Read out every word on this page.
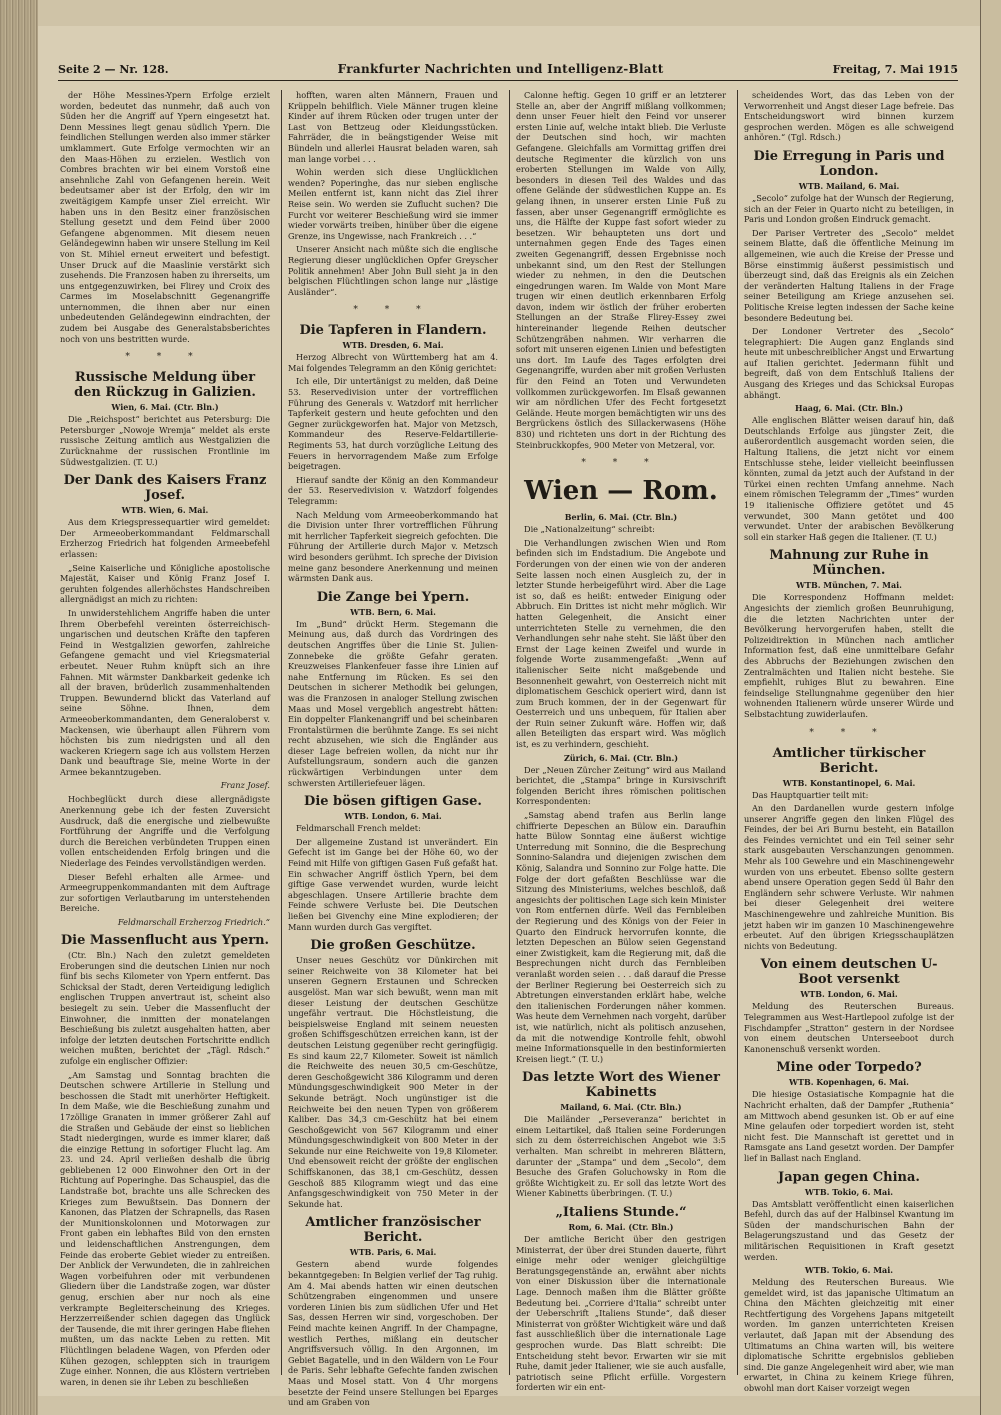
Seite 2 — Nr. 128.	Frankfurter Nachrichten und Intelligenz-Blatt	Freitag, 7. Mai 1915

der Höhe Messines-Ypern Erfolge erzielt worden, bedeutet das nunmehr, daß auch von Süden her die Angriff auf Ypern eingesetzt hat. Denn Messines liegt genau südlich Ypern. Die feindlichen Stellungen werden also immer stärker umklammert. Gute Erfolge vermochten wir an den Maas-Höhen zu erzielen. Westlich von Combres brachten wir bei einem Vorstoß eine ansehnliche Zahl von Gefangenen herein. Weit bedeutsamer aber ist der Erfolg, den wir im zweitägigem Kampfe unser Ziel erreicht. Wir haben uns in den Besitz einer französischen Stellung gesetzt und dem Feind über 2000 Gefangene abgenommen. Mit diesem neuen Geländegewinn haben wir unsere Stellung im Keil von St. Mihiel erneut erweitert und befestigt. Unser Druck auf die Maaslinie verstärkt sich zusehends. Die Franzosen haben zu ihrerseits, um uns entgegenzuwirken, bei Flirey und Croix des Carmes im Moselabschnitt Gegenangriffe unternommen, die ihnen aber nur einen unbedeutenden Geländegewinn eindrachten, der zudem bei Ausgabe des Generalstabsberichtes noch von uns bestritten wurde.

* * *
Russische Meldung über den Rückzug in Galizien.
Wien, 6. Mai. (Ctr. Bln.)

Die „Reichspost“ berichtet aus Petersburg: Die Petersburger „Nowoje Wremja“ meldet als erste russische Zeitung amtlich aus Westgalizien die Zurücknahme der russischen Frontlinie im Südwestgalizien. (T. U.)

Der Dank des Kaisers Franz Josef.
WTB. Wien, 6. Mai.

Aus dem Kriegspressequartier wird gemeldet: Der Armeeoberkommandant Feldmarschall Erzherzog Friedrich hat folgenden Armeebefehl erlassen:

„Seine Kaiserliche und Königliche apostolische Majestät, Kaiser und König Franz Josef I. geruhten folgendes allerhöchstes Handschreiben allergnädigst an mich zu richten:

In unwiderstehlichem Angriffe haben die unter Ihrem Oberbefehl vereinten österreichisch-ungarischen und deutschen Kräfte den tapferen Feind in Westgalizien geworfen, zahlreiche Gefangene gemacht und viel Kriegsmaterial erbeutet. Neuer Ruhm knüpft sich an ihre Fahnen. Mit wärmster Dankbarkeit gedenke ich all der braven, brüderlich zusammenhaltenden Truppen. Bewundernd blickt das Vaterland auf seine Söhne. Ihnen, dem Armeeoberkommandanten, dem Generaloberst v. Mackensen, wie überhaupt allen Führern vom höchsten bis zum niedrigsten und all den wackeren Kriegern sage ich aus vollstem Herzen Dank und beauftrage Sie, meine Worte in der Armee bekanntzugeben.

Franz Josef.

Hochbeglückt durch diese allergnädigste Anerkennung gebe ich der festen Zuversicht Ausdruck, daß die energische und zielbewußte Fortführung der Angriffe und die Verfolgung durch die Bereichen verbündeten Truppen einen vollen entscheidenden Erfolg bringen und die Niederlage des Feindes vervollständigen werden.

Dieser Befehl erhalten alle Armee- und Armeegruppenkommandanten mit dem Auftrage zur sofortigen Verlautbarung im unterstehenden Bereiche.

Feldmarschall Erzherzog Friedrich.“
Die Massenflucht aus Ypern.

(Ctr. Bln.) Nach den zuletzt gemeldeten Eroberungen sind die deutschen Linien nur noch fünf bis sechs Kilometer von Ypern entfernt. Das Schicksal der Stadt, deren Verteidigung lediglich englischen Truppen anvertraut ist, scheint also besiegelt zu sein. Ueber die Massenflucht der Einwohner, die inmitten der monatelangen Beschießung bis zuletzt ausgehalten hatten, aber infolge der letzten deutschen Fortschritte endlich weichen mußten, berichtet der „Tägl. Rdsch.“ zufolge ein englischer Offizier:

„Am Samstag und Sonntag brachten die Deutschen schwere Artillerie in Stellung und beschossen die Stadt mit unerhörter Heftigkeit. In dem Maße, wie die Beschießung zunahm und 17zöllige Granaten in immer größerer Zahl auf die Straßen und Gebäude der einst so lieblichen Stadt niedergingen, wurde es immer klarer, daß die einzige Rettung in sofortiger Flucht lag. Am 23. und 24. April verließen deshalb die übrig gebliebenen 12 000 Einwohner den Ort in der Richtung auf Poperinghe. Das Schauspiel, das die Landstraße bot, brachte uns alle Schrecken des Krieges zum Bewußtsein. Das Donnern der Kanonen, das Platzen der Schrapnells, das Rasen der Munitionskolonnen und Motorwagen zur Front gaben ein lebhaftes Bild von den ernsten und leidenschaftlichen Anstrengungen, dem Feinde das eroberte Gebiet wieder zu entreißen. Der Anblick der Verwundeten, die in zahlreichen Wagen vorbeifuhren oder mit verbundenen Gliedern über die Landstraße zogen, war düster genug, erschien aber nur noch als eine verkrampte Begleiterscheinung des Krieges. Herzzerreißender schien dagegen das Unglück der Tausende, die mit ihrer geringen Habe fliehen mußten, um das nackte Leben zu retten. Mit Flüchtlingen beladene Wagen, von Pferden oder Kühen gezogen, schleppten sich in traurigem Zuge einher. Nonnen, die aus Klöstern vertrieben waren, in denen sie ihr Leben zu beschließen

hofften, waren alten Männern, Frauen und Krüppeln behilflich. Viele Männer trugen kleine Kinder auf ihrem Rücken oder trugen unter der Last von Bettzeug oder Kleidungsstücken. Fahrräder, die in beängstigender Weise mit Bündeln und allerlei Hausrat beladen waren, sah man lange vorbei . . .

Wohin werden sich diese Unglücklichen wenden? Poperinghe, das nur sieben englische Meilen entfernt ist, kann nicht das Ziel ihrer Reise sein. Wo werden sie Zuflucht suchen? Die Furcht vor weiterer Beschießung wird sie immer wieder vorwärts treiben, hinüber über die eigene Grenze, ins Ungewisse, nach Frankreich . . .“

Unserer Ansicht nach müßte sich die englische Regierung dieser unglücklichen Opfer Greyscher Politik annehmen! Aber John Bull sieht ja in den belgischen Flüchtlingen schon lange nur „lästige Ausländer“.

* * *
Die Tapferen in Flandern.
WTB. Dresden, 6. Mai.

Herzog Albrecht von Württemberg hat am 4. Mai folgendes Telegramm an den König gerichtet:

Ich eile, Dir untertänigst zu melden, daß Deine 53. Reservedivision unter der vortrefflichen Führung des Generals v. Watzdorf mit herrlicher Tapferkeit gestern und heute gefochten und den Gegner zurückgeworfen hat. Major von Metzsch, Kommandeur des Reserve-Feldartillerie-Regiments 53, hat durch vorzügliche Leitung des Feuers in hervorragendem Maße zum Erfolge beigetragen.

Hierauf sandte der König an den Kommandeur der 53. Reservedivision v. Watzdorf folgendes Telegramm:

Nach Meldung vom Armeeoberkommando hat die Division unter Ihrer vortrefflichen Führung mit herrlicher Tapferkeit siegreich gefochten. Die Führung der Artillerie durch Major v. Metzsch wird besonders gerühmt. Ich spreche der Division meine ganz besondere Anerkennung und meinen wärmsten Dank aus.

Die Zange bei Ypern.
WTB. Bern, 6. Mai.

Im „Bund“ drückt Herm. Stegemann die Meinung aus, daß durch das Vordringen des deutschen Angriffes über die Linie St. Julien-Zonnebeke die größte Gefahr geraten. Kreuzweises Flankenfeuer fasse ihre Linien auf nahe Entfernung im Rücken. Es sei den Deutschen in sicherer Methodik bei gelungen, was die Franzosen in analoger Stellung zwischen Maas und Mosel vergeblich angestrebt hätten: Ein doppelter Flankenangriff und bei scheinbaren Frontalstürmen die berühmte Zange. Es sei nicht recht abzusehen, wie sich die Engländer aus dieser Lage befreien wollen, da nicht nur ihr Aufstellungsraum, sondern auch die ganzen rückwärtigen Verbindungen unter dem schwersten Artilleriefeuer lägen.

Die bösen giftigen Gase.
WTB. London, 6. Mai.

Feldmarschall French meldet:

Der allgemeine Zustand ist unverändert. Ein Gefecht ist im Gange bei der Höhe 60, wo der Feind mit Hilfe von giftigen Gasen Fuß gefaßt hat. Ein schwacher Angriff östlich Ypern, bei dem giftige Gase verwendet wurden, wurde leicht abgeschlagen. Unsere Artillerie brachte dem Feinde schwere Verluste bei. Die Deutschen ließen bei Givenchy eine Mine explodieren; der Mann wurden durch Gas vergiftet.

Die großen Geschütze.

Unser neues Geschütz vor Dünkirchen mit seiner Reichweite von 38 Kilometer hat bei unseren Gegnern Erstaunen und Schrecken ausgelöst. Man war sich bewußt, wenn man mit dieser Leistung der deutschen Geschütze ungefähr vertraut. Die Höchstleistung, die beispielsweise England mit seinem neuesten großen Schiffsgeschützen erreichen kann, ist der deutschen Leistung gegenüber recht geringfügig. Es sind kaum 22,7 Kilometer. Soweit ist nämlich die Reichweite des neuen 30,5 cm-Geschütze, deren Geschoßgewicht 386 Kilogramm und deren Mündungsgeschwindigkeit 900 Meter in der Sekunde beträgt. Noch ungünstiger ist die Reichweite bei den neuen Typen von größerem Kaliber. Das 34,3 cm-Geschütz hat bei einem Geschoßgewicht von 567 Kilogramm und einer Mündungsgeschwindigkeit von 800 Meter in der Sekunde nur eine Reichweite von 19,8 Kilometer. Und ebensoweit reicht der größte der englischen Schiffskanonen, das 38,1 cm-Geschütz, dessen Geschoß 885 Kilogramm wiegt und das eine Anfangsgeschwindigkeit von 750 Meter in der Sekunde hat.

Amtlicher französischer Bericht.
WTB. Paris, 6. Mai.

Gestern abend wurde folgendes bekanntgegeben: In Belgien verlief der Tag ruhig. Am 4. Mai abends hatten wir einen deutschen Schützengraben eingenommen und unsere vorderen Linien bis zum südlichen Ufer und Het Sas, dessen Herren wir sind, vorgeschoben. Der Feind machte keinen Angriff. In der Champagne, westlich Perthes, mißlang ein deutscher Angriffsversuch völlig. In den Argonnen, im Gebiet Bagatelle, und in den Wäldern von Le Four de Paris. Sehr lebhafte Gefechte fanden zwischen Maas und Mosel statt. Von 4 Uhr morgens besetzte der Feind unsere Stellungen bei Eparges und am Graben von

Calonne heftig. Gegen 10 griff er an letzterer Stelle an, aber der Angriff mißlang vollkommen; denn unser Feuer hielt den Feind vor unserer ersten Linie auf, welche intakt blieb. Die Verluste der Deutschen sind hoch, wir machten Gefangene. Gleichfalls am Vormittag griffen drei deutsche Regimenter die kürzlich von uns eroberten Stellungen im Walde von Ailly, besonders in diesen Teil des Waldes und das offene Gelände der südwestlichen Kuppe an. Es gelang ihnen, in unserer ersten Linie Fuß zu fassen, aber unser Gegenangriff ermöglichte es uns, die Hälfte der Kuppe fast sofort wieder zu besetzen. Wir behaupteten uns dort und unternahmen gegen Ende des Tages einen zweiten Gegenangriff, dessen Ergebnisse noch unbekannt sind, um den Rest der Stellungen wieder zu nehmen, in den die Deutschen eingedrungen waren. Im Walde von Mont Mare trugen wir einen deutlich erkennbaren Erfolg davon, indem wir östlich der früher eroberten Stellungen an der Straße Flirey-Essey zwei hintereinander liegende Reihen deutscher Schützengräben nahmen. Wir verharren die sofort mit unseren eigenen Linien und befestigten uns dort. Im Laufe des Tages erfolgten drei Gegenangriffe, wurden aber mit großen Verlusten für den Feind an Toten und Verwundeten vollkommen zurückgeworfen. Im Elsaß gewannen wir am nördlichen Ufer des Fecht fortgesetzt Gelände. Heute morgen bemächtigten wir uns des Bergrückens östlich des Sillackerwasens (Höhe 830) und richteten uns dort in der Richtung des Steinbruckkopfes, 900 Meter von Metzeral, vor.

* * *
Wien — Rom.
Berlin, 6. Mai. (Ctr. Bln.)

Die „Nationalzeitung“ schreibt:

Die Verhandlungen zwischen Wien und Rom befinden sich im Endstadium. Die Angebote und Forderungen von der einen wie von der anderen Seite lassen noch einen Ausgleich zu, der in letzter Stunde herbeigeführt wird. Aber die Lage ist so, daß es heißt: entweder Einigung oder Abbruch. Ein Drittes ist nicht mehr möglich. Wir hatten Gelegenheit, die Ansicht einer unterrichteten Stelle zu vernehmen, die den Verhandlungen sehr nahe steht. Sie läßt über den Ernst der Lage keinen Zweifel und wurde in folgende Worte zusammengefaßt: „Wenn auf italienischer Seite nicht maßgebende und Besonnenheit gewahrt, von Oesterreich nicht mit diplomatischem Geschick operiert wird, dann ist zum Bruch kommen, der in der Gegenwart für Oesterreich und uns unbequem, für Italien aber der Ruin seiner Zukunft wäre. Hoffen wir, daß allen Beteiligten das erspart wird. Was möglich ist, es zu verhindern, geschieht.

Zürich, 6. Mai. (Ctr. Bln.)

Der „Neuen Zürcher Zeitung“ wird aus Mailand berichtet, die „Stampa“ bringe in Kursivschrift folgenden Bericht ihres römischen politischen Korrespondenten:

„Samstag abend trafen aus Berlin lange chiffrierte Depeschen an Bülow ein. Daraufhin hatte Bülow Sonntag eine äußerst wichtige Unterredung mit Sonnino, die die Besprechung Sonnino-Salandra und diejenigen zwischen dem König, Salandra und Sonnino zur Folge hatte. Die Folge der dort gefaßten Beschlüsse war die Sitzung des Ministeriums, welches beschloß, daß angesichts der politischen Lage sich kein Minister von Rom entfernen dürfe. Weil das Fernbleiben der Regierung und des Königs von der Feier in Quarto den Eindruck hervorrufen konnte, die letzten Depeschen an Bülow seien Gegenstand einer Zwistigkeit, kam die Regierung mit, daß die Besprechungen nicht durch das Fernbleiben veranlaßt worden seien . . . daß darauf die Presse der Berliner Regierung bei Oesterreich sich zu Abtretungen einverstanden erklärt habe, welche den italienischen Forderungen näher kommen. Was heute dem Vernehmen nach vorgeht, darüber ist, wie natürlich, nicht als politisch anzusehen, da mit die notwendige Kontrolle fehlt, obwohl meine Informationsquelle in den bestinformierten Kreisen liegt.“ (T. U.)

Das letzte Wort des Wiener Kabinetts
Mailand, 6. Mai. (Ctr. Bln.)

Die Mailänder „Perseveranza“ berichtet in einem Leitartikel, daß Italien seine Forderungen sich zu dem österreichischen Angebot wie 3:5 verhalten. Man schreibt in mehreren Blättern, darunter der „Stampa“ und dem „Secolo“, dem Besuche des Grafen Goluchowsky in Rom die größte Wichtigkeit zu. Er soll das letzte Wort des Wiener Kabinetts überbringen. (T. U.)

„Italiens Stunde.“
Rom, 6. Mai. (Ctr. Bln.)

Der amtliche Bericht über den gestrigen Ministerrat, der über drei Stunden dauerte, führt einige mehr oder weniger gleichgültige Beratungsgegenstände an, erwähnt aber nichts von einer Diskussion über die internationale Lage. Dennoch maßen ihm die Blätter größte Bedeutung bei. „Corriere d'Italia“ schreibt unter der Ueberschrift „Italiens Stunde“, daß dieser Ministerrat von größter Wichtigkeit wäre und daß fast ausschließlich über die internationale Lage gesprochen wurde. Das Blatt schreibt: Die Entscheidung steht bevor. Erwarten wir sie mit Ruhe, damit jeder Italiener, wie sie auch ausfalle, patriotisch seine Pflicht erfülle. Vorgestern forderten wir ein ent-

scheidendes Wort, das das Leben von der Verworrenheit und Angst dieser Lage befreie. Das Entscheidungswort wird binnen kurzem gesprochen werden. Mögen es alle schweigend anhören.“ (Tgl. Rdsch.)

Die Erregung in Paris und London.
WTB. Mailand, 6. Mai.

„Secolo“ zufolge hat der Wunsch der Regierung, sich an der Feier in Quarto nicht zu beteiligen, in Paris und London großen Eindruck gemacht.

Der Pariser Vertreter des „Secolo“ meldet seinem Blatte, daß die öffentliche Meinung im allgemeinen, wie auch die Kreise der Presse und Börse einstimmig äußerst pessimistisch und überzeugt sind, daß das Ereignis als ein Zeichen der veränderten Haltung Italiens in der Frage seiner Beteiligung am Kriege anzusehen sei. Politische Kreise legten indessen der Sache keine besondere Bedeutung bei.

Der Londoner Vertreter des „Secolo“ telegraphiert: Die Augen ganz Englands sind heute mit unbeschreiblicher Angst und Erwartung auf Italien gerichtet. Jedermann fühlt und begreift, daß von dem Entschluß Italiens der Ausgang des Krieges und das Schicksal Europas abhängt.

Haag, 6. Mai. (Ctr. Bln.)

Alle englischen Blätter weisen darauf hin, daß Deutschlands Erfolge aus jüngster Zeit, die außerordentlich ausgemacht worden seien, die Haltung Italiens, die jetzt nicht vor einem Entschlusse stehe, leider vielleicht beeinflussen könnten, zumal da jetzt auch der Aufstand in der Türkei einen rechten Umfang annehme. Nach einem römischen Telegramm der „Times“ wurden 19 italienische Offiziere getötet und 45 verwundet, 300 Mann getötet und 400 verwundet. Unter der arabischen Bevölkerung soll ein starker Haß gegen die Italiener. (T. U.)

Mahnung zur Ruhe in München.
WTB. München, 7. Mai.

Die Korrespondenz Hoffmann meldet: Angesichts der ziemlich großen Beunruhigung, die die letzten Nachrichten unter der Bevölkerung hervorgerufen haben, stellt die Polizeidirektion in München nach amtlicher Information fest, daß eine unmittelbare Gefahr des Abbruchs der Beziehungen zwischen den Zentralmächten und Italien nicht bestehe. Sie empfiehlt, ruhiges Blut zu bewahren. Eine feindselige Stellungnahme gegenüber den hier wohnenden Italienern würde unserer Würde und Selbstachtung zuwiderlaufen.

* * *
Amtlicher türkischer Bericht.
WTB. Konstantinopel, 6. Mai.

Das Hauptquartier teilt mit:

An den Dardanellen wurde gestern infolge unserer Angriffe gegen den linken Flügel des Feindes, der bei Ari Burnu besteht, ein Bataillon des Feindes vernichtet und ein Teil seiner sehr stark ausgebauten Verschanzungen genommen. Mehr als 100 Gewehre und ein Maschinengewehr wurden von uns erbeutet. Ebenso sollte gestern abend unsere Operation gegen Sedd ül Bahr den Engländern sehr schwere Verluste. Wir nahmen bei dieser Gelegenheit drei weitere Maschinengewehre und zahlreiche Munition. Bis jetzt haben wir im ganzen 10 Maschinengewehre erbeutet. Auf den übrigen Kriegsschauplätzen nichts von Bedeutung.

Von einem deutschen U-Boot versenkt
WTB. London, 6. Mai.

Meldung des Reuterschen Bureaus. Telegrammen aus West-Hartlepool zufolge ist der Fischdampfer „Stratton“ gestern in der Nordsee von einem deutschen Unterseeboot durch Kanonenschuß versenkt worden.

Mine oder Torpedo?
WTB. Kopenhagen, 6. Mai.

Die hiesige Ostasiatische Kompagnie hat die Nachricht erhalten, daß der Dampfer „Ruthenia“ am Mittwoch abend gesunken ist. Ob er auf eine Mine gelaufen oder torpediert worden ist, steht nicht fest. Die Mannschaft ist gerettet und in Ramsgate ans Land gesetzt worden. Der Dampfer lief in Ballast nach England.

Japan gegen China.
WTB. Tokio, 6. Mai.

Das Amtsblatt veröffentlicht einen kaiserlichen Befehl, durch das auf der Halbinsel Kwantung im Süden der mandschurischen Bahn der Belagerungszustand und das Gesetz der militärischen Requisitionen in Kraft gesetzt werden.

WTB. Tokio, 6. Mai.

Meldung des Reuterschen Bureaus. Wie gemeldet wird, ist das japanische Ultimatum an China den Mächten gleichzeitig mit einer Rechtfertigung des Vorgehens Japans mitgeteilt worden. Im ganzen unterrichteten Kreisen verlautet, daß Japan mit der Absendung des Ultimatums an China warten will, bis weitere diplomatische Schritte ergebnislos geblieben sind. Die ganze Angelegenheit wird aber, wie man erwartet, in China zu keinem Kriege führen, obwohl man dort Kaiser vorzeigt wegen
